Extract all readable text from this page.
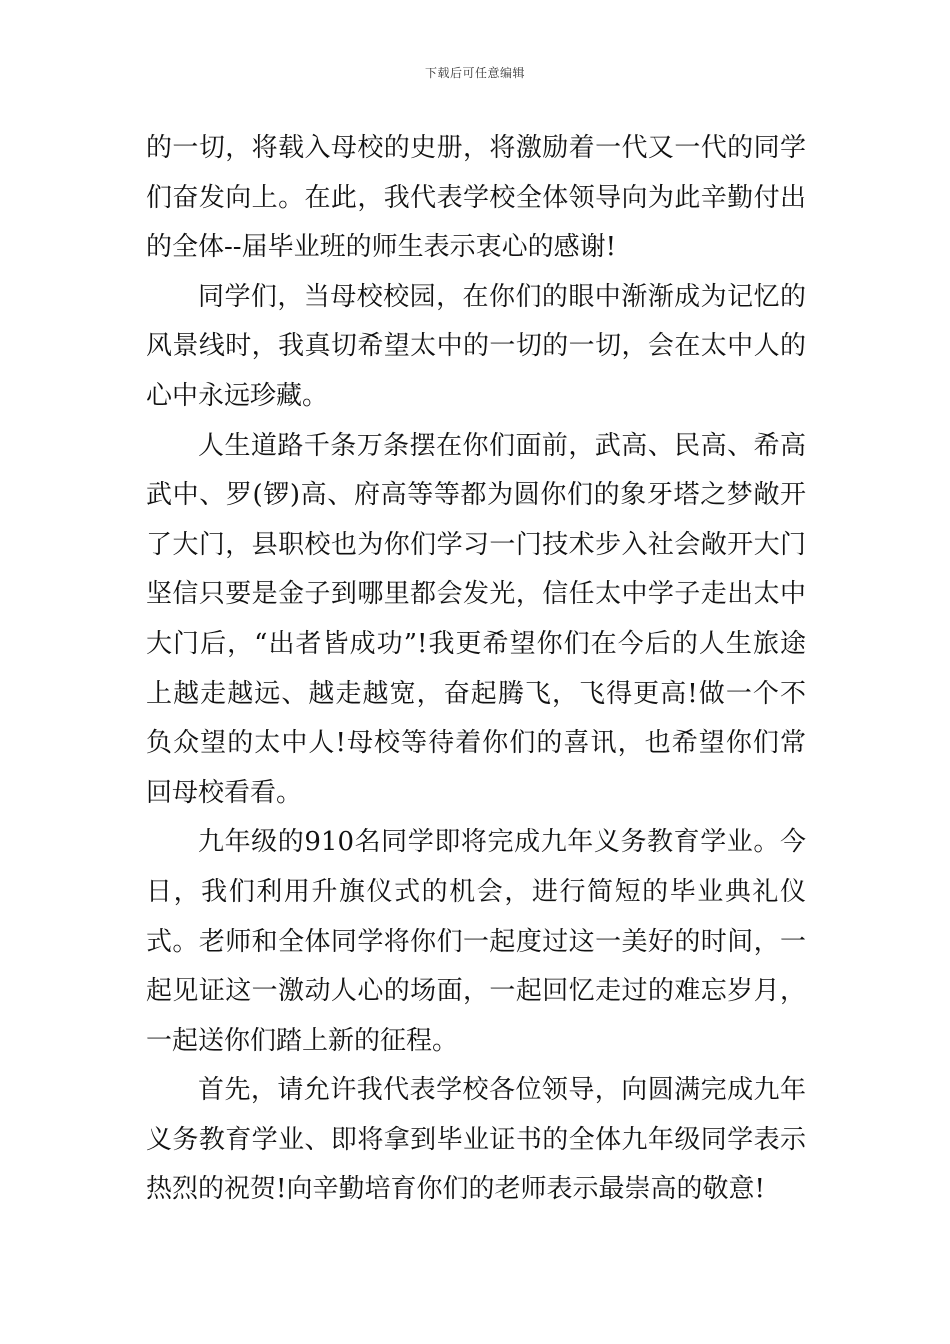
下载后可任意编辑

的一切，将载入母校的史册，将激励着一代又一代的同学们奋发向上。在此，我代表学校全体领导向为此辛勤付出的全体--届毕业班的师生表示衷心的感谢!

同学们，当母校校园，在你们的眼中渐渐成为记忆的风景线时，我真切希望太中的一切的一切，会在太中人的心中永远珍藏。

人生道路千条万条摆在你们面前，武高、民高、希高武中、罗(锣)高、府高等等都为圆你们的象牙塔之梦敞开了大门，县职校也为你们学习一门技术步入社会敞开大门坚信只要是金子到哪里都会发光，信任太中学子走出太中大门后，“出者皆成功”!我更希望你们在今后的人生旅途上越走越远、越走越宽，奋起腾飞，飞得更高!做一个不负众望的太中人!母校等待着你们的喜讯，也希望你们常回母校看看。

九年级的910名同学即将完成九年义务教育学业。今日，我们利用升旗仪式的机会，进行简短的毕业典礼仪式。老师和全体同学将你们一起度过这一美好的时间，一起见证这一激动人心的场面，一起回忆走过的难忘岁月，一起送你们踏上新的征程。

首先，请允许我代表学校各位领导，向圆满完成九年义务教育学业、即将拿到毕业证书的全体九年级同学表示热烈的祝贺!向辛勤培育你们的老师表示最崇高的敬意!
